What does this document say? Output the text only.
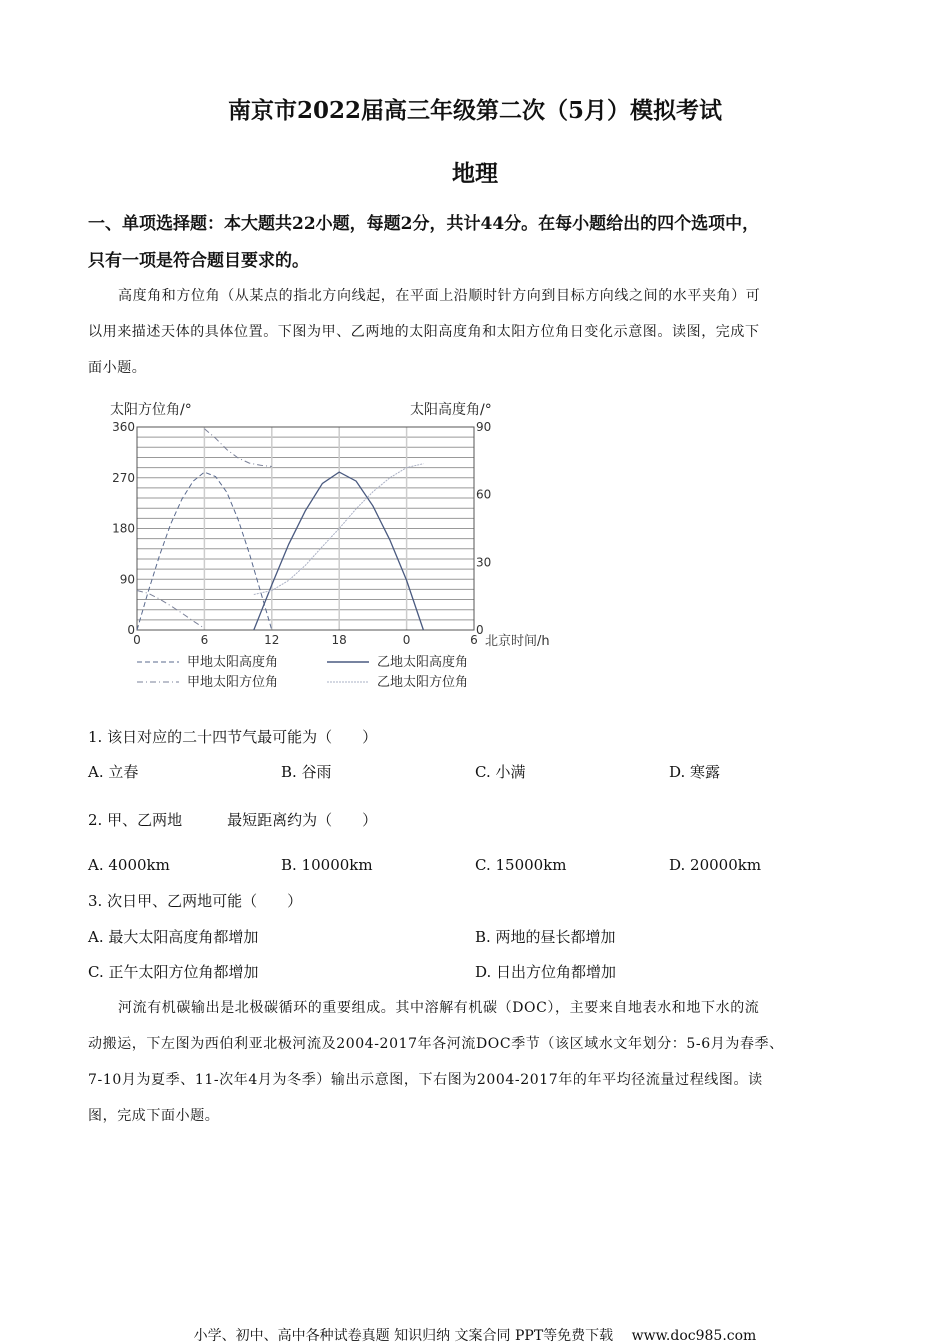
南京市2022届高三年级第二次（5月）模拟考试
地理
一、单项选择题：本大题共22小题，每题2分，共计44分。在每小题给出的四个选项中，
只有一项是符合题目要求的。
高度角和方位角（从某点的指北方向线起，在平面上沿顺时针方向到目标方向线之间的水平夹角）可
以用来描述天体的具体位置。下图为甲、乙两地的太阳高度角和太阳方位角日变化示意图。读图，完成下
面小题。
0
90
180
270
360
0
30
60
90
0	6	12	18	0	6
太阳方位角/°	太阳高度角/°
北京时间/h
甲地太阳高度角
甲地太阳方位角
乙地太阳高度角
乙地太阳方位角
1. 该日对应的二十四节气最可能为（　　）
A. 立春	B. 谷雨	C. 小满	D. 寒露
2. 甲、乙两地　　　最短距离约为（　　）
A. 4000km	B. 10000km	C. 15000km	D. 20000km
3. 次日甲、乙两地可能（　　）
A. 最大太阳高度角都增加	B. 两地的昼长都增加
C. 正午太阳方位角都增加	D. 日出方位角都增加
河流有机碳输出是北极碳循环的重要组成。其中溶解有机碳（DOC），主要来自地表水和地下水的流
动搬运，下左图为西伯利亚北极河流及2004-2017年各河流DOC季节（该区域水文年划分：5-6月为春季、
7-10月为夏季、11-次年4月为冬季）输出示意图，下右图为2004-2017年的年平均径流量过程线图。读
图，完成下面小题。
小学、初中、高中各种试卷真题 知识归纳 文案合同 PPT等免费下载　 www.doc985.com
